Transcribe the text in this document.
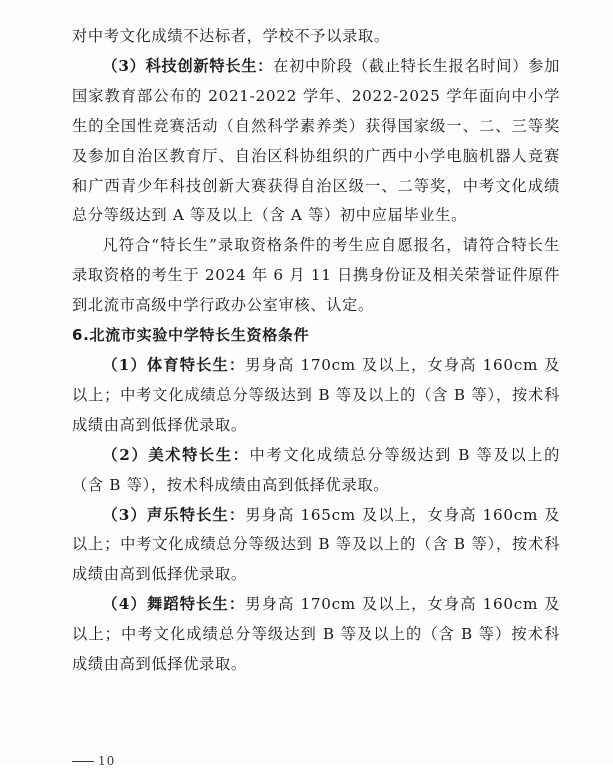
对中考文化成绩不达标者，学校不予以录取。

（3）科技创新特长生：在初中阶段（截止特长生报名时间）参加国家教育部公布的 2021-2022 学年、2022-2025 学年面向中小学生的全国性竞赛活动（自然科学素养类）获得国家级一、二、三等奖及参加自治区教育厅、自治区科协组织的广西中小学电脑机器人竞赛和广西青少年科技创新大赛获得自治区级一、二等奖，中考文化成绩总分等级达到 A 等及以上（含 A 等）初中应届毕业生。

凡符合“特长生”录取资格条件的考生应自愿报名，请符合特长生录取资格的考生于 2024 年 6 月 11 日携身份证及相关荣誉证件原件到北流市高级中学行政办公室审核、认定。

6.北流市实验中学特长生资格条件

（1）体育特长生：男身高 170cm 及以上，女身高 160cm 及以上；中考文化成绩总分等级达到 B 等及以上的（含 B 等），按术科成绩由高到低择优录取。

（2）美术特长生：中考文化成绩总分等级达到 B 等及以上的（含 B 等），按术科成绩由高到低择优录取。

（3）声乐特长生：男身高 165cm 及以上，女身高 160cm 及以上；中考文化成绩总分等级达到 B 等及以上的（含 B 等），按术科成绩由高到低择优录取。

（4）舞蹈特长生：男身高 170cm 及以上，女身高 160cm 及以上；中考文化成绩总分等级达到 B 等及以上的（含 B 等）按术科成绩由高到低择优录取。

10
